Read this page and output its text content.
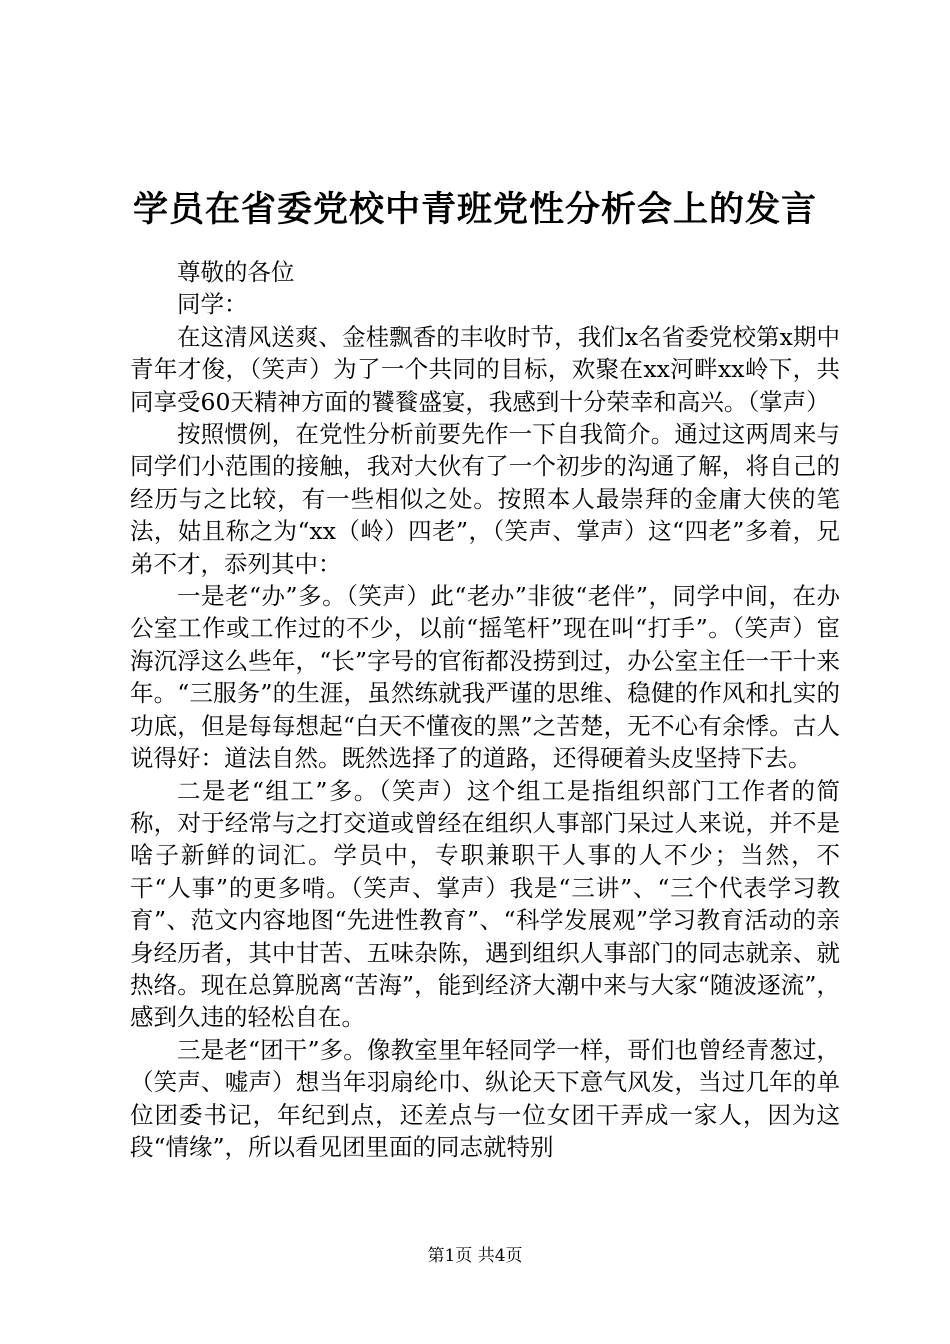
学员在省委党校中青班党性分析会上的发言
尊敬的各位
同学：

在这清风送爽、金桂飘香的丰收时节，我们x名省委党校第x期中青年才俊，（笑声）为了一个共同的目标，欢聚在xx河畔xx岭下，共同享受60天精神方面的饕餮盛宴，我感到十分荣幸和高兴。（掌声）

按照惯例，在党性分析前要先作一下自我简介。通过这两周来与同学们小范围的接触，我对大伙有了一个初步的沟通了解，将自己的经历与之比较，有一些相似之处。按照本人最崇拜的金庸大侠的笔法，姑且称之为“xx（岭）四老”，（笑声、掌声）这“四老”多着，兄弟不才，忝列其中：

一是老“办”多。（笑声）此“老办”非彼“老伴”，同学中间，在办公室工作或工作过的不少，以前“摇笔杆”现在叫“打手”。（笑声）宦海沉浮这么些年，“长”字号的官衔都没捞到过，办公室主任一干十来年。“三服务”的生涯，虽然练就我严谨的思维、稳健的作风和扎实的功底，但是每每想起“白天不懂夜的黑”之苦楚，无不心有余悸。古人说得好：道法自然。既然选择了的道路，还得硬着头皮坚持下去。

二是老“组工”多。（笑声）这个组工是指组织部门工作者的简称，对于经常与之打交道或曾经在组织人事部门呆过人来说，并不是啥子新鲜的词汇。学员中，专职兼职干人事的人不少；当然，不干“人事”的更多啃。（笑声、掌声）我是“三讲”、“三个代表学习教育”、范文内容地图“先进性教育”、“科学发展观”学习教育活动的亲身经历者，其中甘苦、五味杂陈，遇到组织人事部门的同志就亲、就热络。现在总算脱离“苦海”，能到经济大潮中来与大家“随波逐流”，感到久违的轻松自在。

三是老“团干”多。像教室里年轻同学一样，哥们也曾经青葱过，（笑声、嘘声）想当年羽扇纶巾、纵论天下意气风发，当过几年的单位团委书记，年纪到点，还差点与一位女团干弄成一家人，因为这段“情缘”，所以看见团里面的同志就特别

第1页 共4页
